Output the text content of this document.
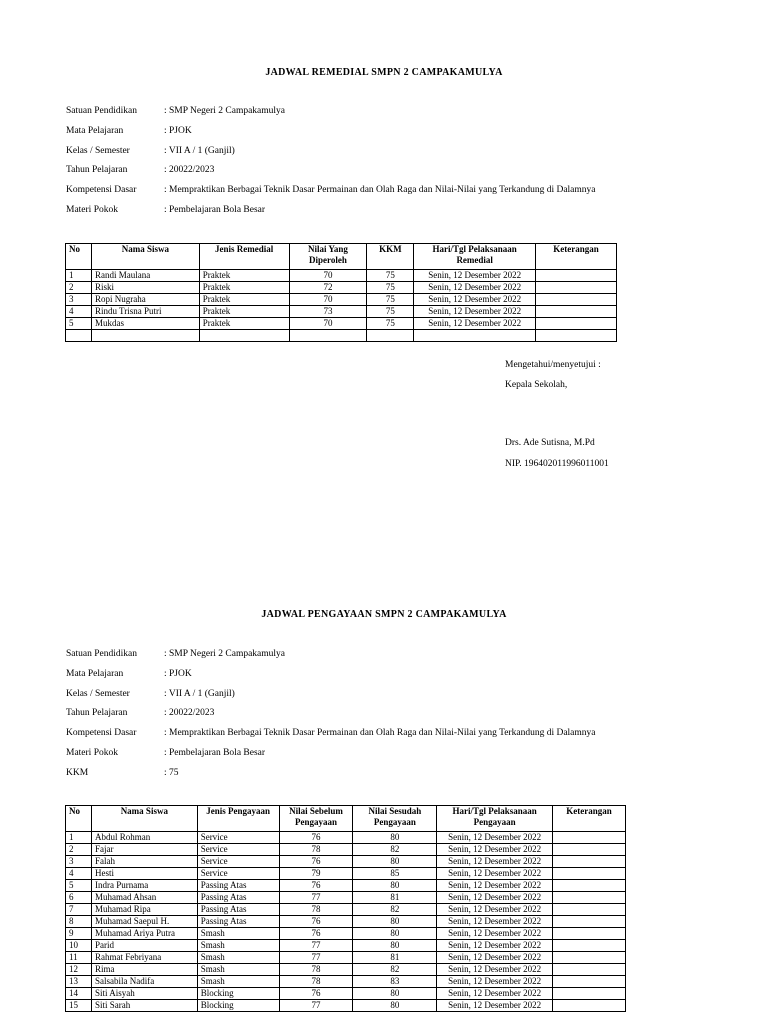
JADWAL REMEDIAL SMPN 2 CAMPAKAMULYA
Satuan Pendidikan	: SMP Negeri 2 Campakamulya
Mata Pelajaran	: PJOK
Kelas / Semester	: VII A / 1 (Ganjil)
Tahun Pelajaran	: 20022/2023
Kompetensi Dasar	: Mempraktikan Berbagai Teknik Dasar Permainan dan Olah Raga dan Nilai-Nilai yang Terkandung di Dalamnya
Materi Pokok	: Pembelajaran Bola Besar
No	Nama Siswa	Jenis Remedial	Nilai Yang Diperoleh	KKM	Hari/Tgl Pelaksanaan Remedial	Keterangan
1	Randi Maulana	Praktek	70	75	Senin, 12 Desember 2022	
2	Riski	Praktek	72	75	Senin, 12 Desember 2022	
3	Ropi Nugraha	Praktek	70	75	Senin, 12 Desember 2022	
4	Rindu Trisna Putri	Praktek	73	75	Senin, 12 Desember 2022	
5	Mukdas	Praktek	70	75	Senin, 12 Desember 2022	

Mengetahui/menyetujui :
Kepala Sekolah,
Drs. Ade Sutisna, M.Pd
NIP. 196402011996011001
JADWAL PENGAYAAN SMPN 2 CAMPAKAMULYA
Satuan Pendidikan	: SMP Negeri 2 Campakamulya
Mata Pelajaran	: PJOK
Kelas / Semester	: VII A / 1 (Ganjil)
Tahun Pelajaran	: 20022/2023
Kompetensi Dasar	: Mempraktikan Berbagai Teknik Dasar Permainan dan Olah Raga dan Nilai-Nilai yang Terkandung di Dalamnya
Materi Pokok	: Pembelajaran Bola Besar
KKM	: 75
No	Nama Siswa	Jenis Pengayaan	Nilai Sebelum Pengayaan	Nilai Sesudah Pengayaan	Hari/Tgl Pelaksanaan Pengayaan	Keterangan
1	Abdul Rohman	Service	76	80	Senin, 12 Desember 2022	
2	Fajar	Service	78	82	Senin, 12 Desember 2022	
3	Falah	Service	76	80	Senin, 12 Desember 2022	
4	Hesti	Service	79	85	Senin, 12 Desember 2022	
5	Indra Purnama	Passing Atas	76	80	Senin, 12 Desember 2022	
6	Muhamad Ahsan	Passing Atas	77	81	Senin, 12 Desember 2022	
7	Muhamad Ripa	Passing Atas	78	82	Senin, 12 Desember 2022	
8	Muhamad Saepul H.	Passing Atas	76	80	Senin, 12 Desember 2022	
9	Muhamad Ariya Putra	Smash	76	80	Senin, 12 Desember 2022	
10	Parid	Smash	77	80	Senin, 12 Desember 2022	
11	Rahmat Febriyana	Smash	77	81	Senin, 12 Desember 2022	
12	Rima	Smash	78	82	Senin, 12 Desember 2022	
13	Salsabila Nadifa	Smash	78	83	Senin, 12 Desember 2022	
14	Siti Aisyah	Blocking	76	80	Senin, 12 Desember 2022	
15	Siti Sarah	Blocking	77	80	Senin, 12 Desember 2022	
